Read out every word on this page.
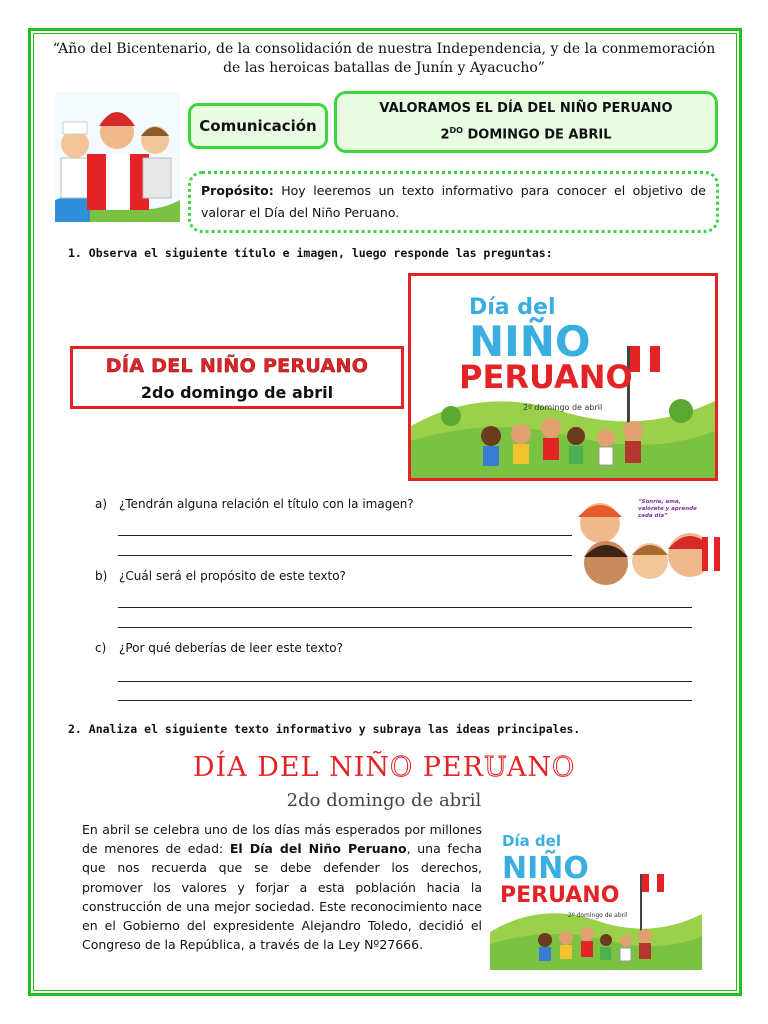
“Año del Bicentenario, de la consolidación de nuestra Independencia, y de la conmemoración de las heroicas batallas de Junín y Ayacucho”
Comunicación
VALORAMOS EL DÍA DEL NIÑO PERUANO
$2^{DO}$ DOMINGO DE ABRIL
Propósito: Hoy leeremos un texto informativo para conocer el objetivo de valorar el Día del Niño Peruano.
1. Observa el siguiente título e imagen, luego responde las preguntas:
DÍA DEL NIÑO PERUANO
2do domingo de abril
Día del
NIÑO
PERUANO
2º domingo de abril
a) ¿Tendrán alguna relación el título con la imagen?	“Sonríe, ama, valórate y aprende cada día”
b) ¿Cuál será el propósito de este texto?
c) ¿Por qué deberías de leer este texto?
2. Analiza el siguiente texto informativo y subraya las ideas principales.
DÍA DEL NIÑO PERUANO
2do domingo de abril
En abril se celebra uno de los días más esperados por millones de menores de edad: El Día del Niño Peruano, una fecha que nos recuerda que se debe defender los derechos, promover los valores y forjar a esta población hacia la construcción de una mejor sociedad. Este reconocimiento nace en el Gobierno del expresidente Alejandro Toledo, decidió el Congreso de la República, a través de la Ley Nº27666.
Día del
NIÑO
PERUANO
2º domingo de abril
